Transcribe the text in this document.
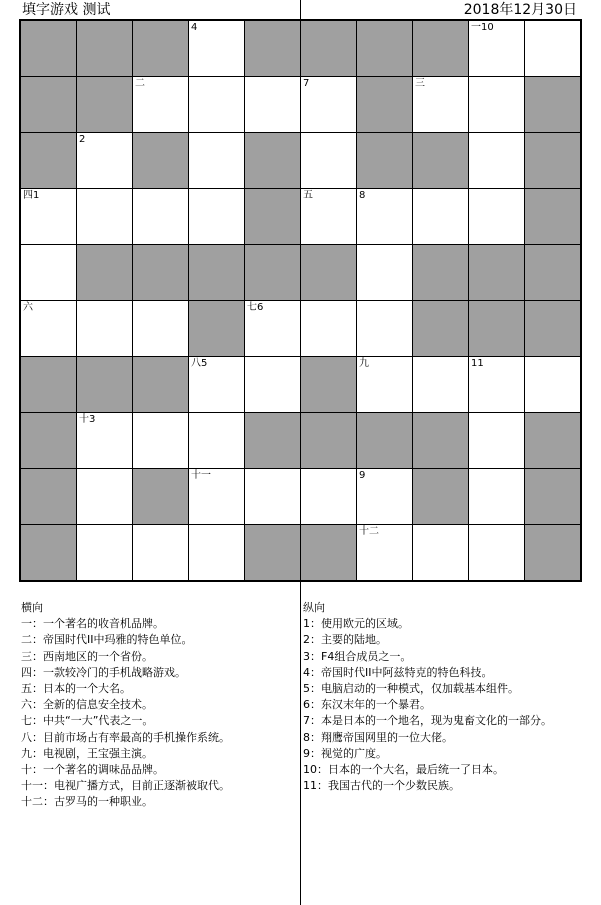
填字游戏 测试	2018年12月30日
4	一10
二	7	三
2
四1	五	8
六	七6
八5	九	11
十3
十一	9
十二
横向
一：一个著名的收音机品牌。
二：帝国时代II中玛雅的特色单位。
三：西南地区的一个省份。
四：一款较冷门的手机战略游戏。
五：日本的一个大名。
六：全新的信息安全技术。
七：中共“一大”代表之一。
八：目前市场占有率最高的手机操作系统。
九：电视剧，王宝强主演。
十：一个著名的调味品品牌。
十一：电视广播方式，目前正逐渐被取代。
十二：古罗马的一种职业。
纵向
1：使用欧元的区域。
2：主要的陆地。
3：F4组合成员之一。
4：帝国时代II中阿兹特克的特色科技。
5：电脑启动的一种模式，仅加载基本组件。
6：东汉末年的一个暴君。
7：本是日本的一个地名，现为鬼畜文化的一部分。
8：翔鹰帝国网里的一位大佬。
9：视觉的广度。
10：日本的一个大名，最后统一了日本。
11：我国古代的一个少数民族。
